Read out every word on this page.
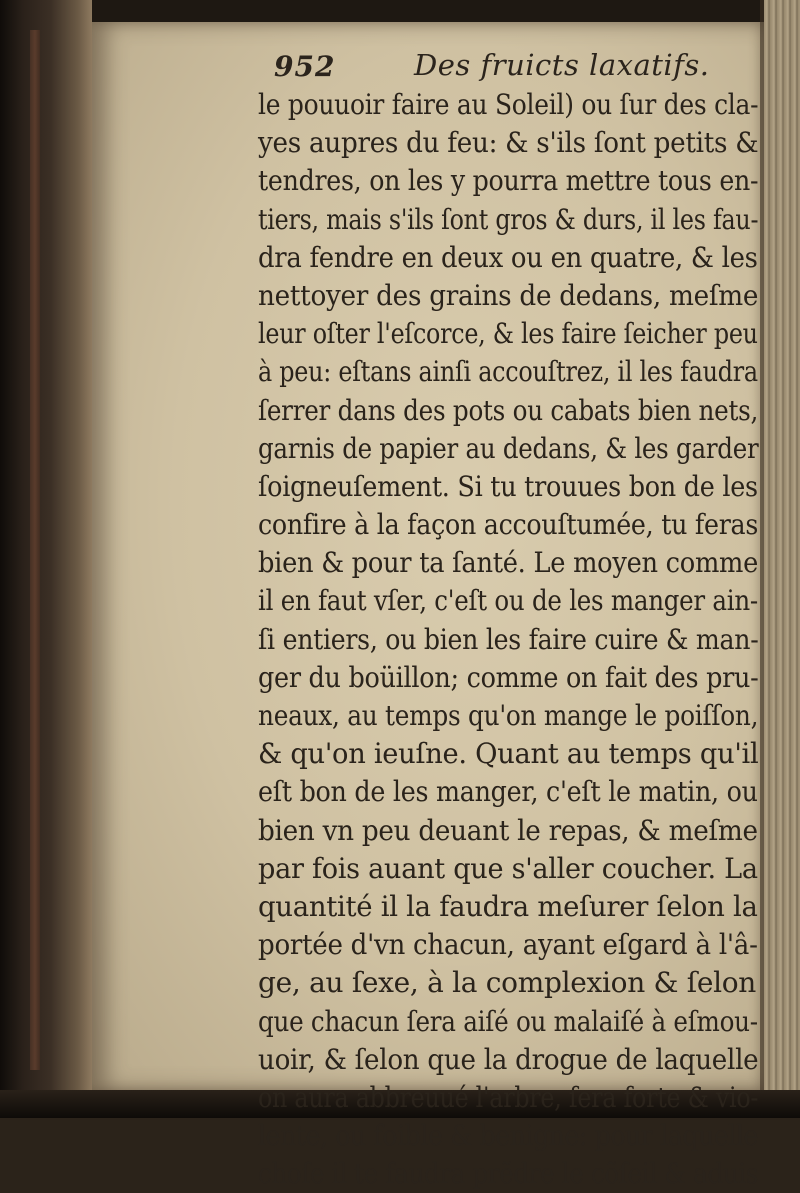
952	Des fruicts laxatifs.
le pouuoir faire au Soleil) ou ſur des cla-
yes aupres du feu: & s'ils ſont petits &
tendres, on les y pourra mettre tous en-
tiers, mais s'ils ſont gros & durs, il les fau-
dra fendre en deux ou en quatre, & les
nettoyer des grains de dedans, meſme
leur oſter l'eſcorce, & les faire ſeicher peu
à peu: eſtans ainſi accouſtrez, il les faudra
ſerrer dans des pots ou cabats bien nets,
garnis de papier au dedans, & les garder
ſoigneuſement. Si tu trouues bon de les
confire à la façon accouſtumée, tu feras
bien & pour ta ſanté. Le moyen comme
il en faut vſer, c'eſt ou de les manger ain-
ſi entiers, ou bien les faire cuire & man-
ger du boüillon; comme on fait des pru-
neaux, au temps qu'on mange le poiſſon,
& qu'on ieuſne. Quant au temps qu'il
eſt bon de les manger, c'eſt le matin, ou
bien vn peu deuant le repas, & meſme
par fois auant que s'aller coucher. La
quantité il la faudra meſurer ſelon la
portée d'vn chacun, ayant eſgard à l'â-
ge, au ſexe, à la complexion & ſelon
que chacun ſera aiſé ou malaiſé à eſmou-
uoir, & ſelon que la drogue de laquelle
on aura abbreuué l'arbre, ſera forte & vio-
lente, ou foible & benigne: pour laquelle
choſe il te faudra prẽdre le cõſeil & aduis
